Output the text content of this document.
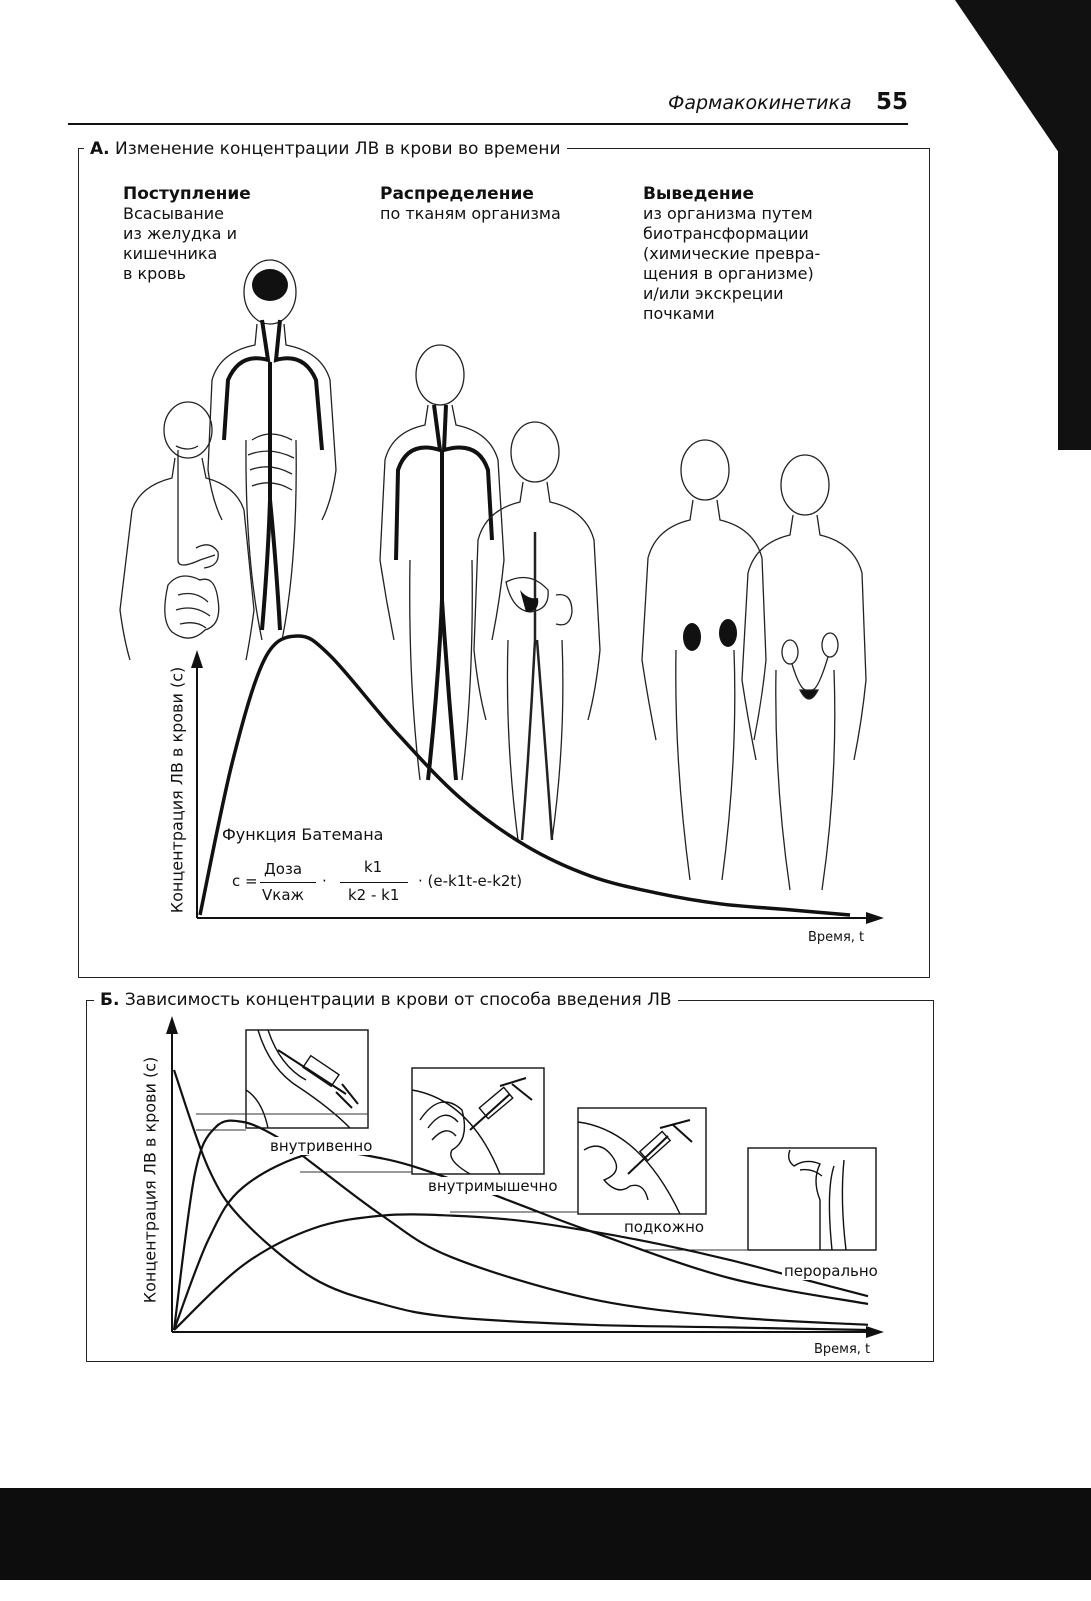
Фармакокинетика 55
А. Изменение концентрации ЛВ в крови во времени
Поступление
Всасывание
из желудка и
кишечника
в кровь
Распределение
по тканям организма
Выведение
из организма путем
биотрансформации
(химические превра-
щения в организме)
и/или экскреции
почками
Концентрация ЛВ в крови (c)
Время, t
Функция Батемана
c =
Доза
Vкаж
·
k1
k2 - k1
· (e-k1t-e-k2t)
Б. Зависимость концентрации в крови от способа введения ЛВ
Концентрация ЛВ в крови (c)
Время, t
внутривенно
внутримышечно
подкожно
перорально
